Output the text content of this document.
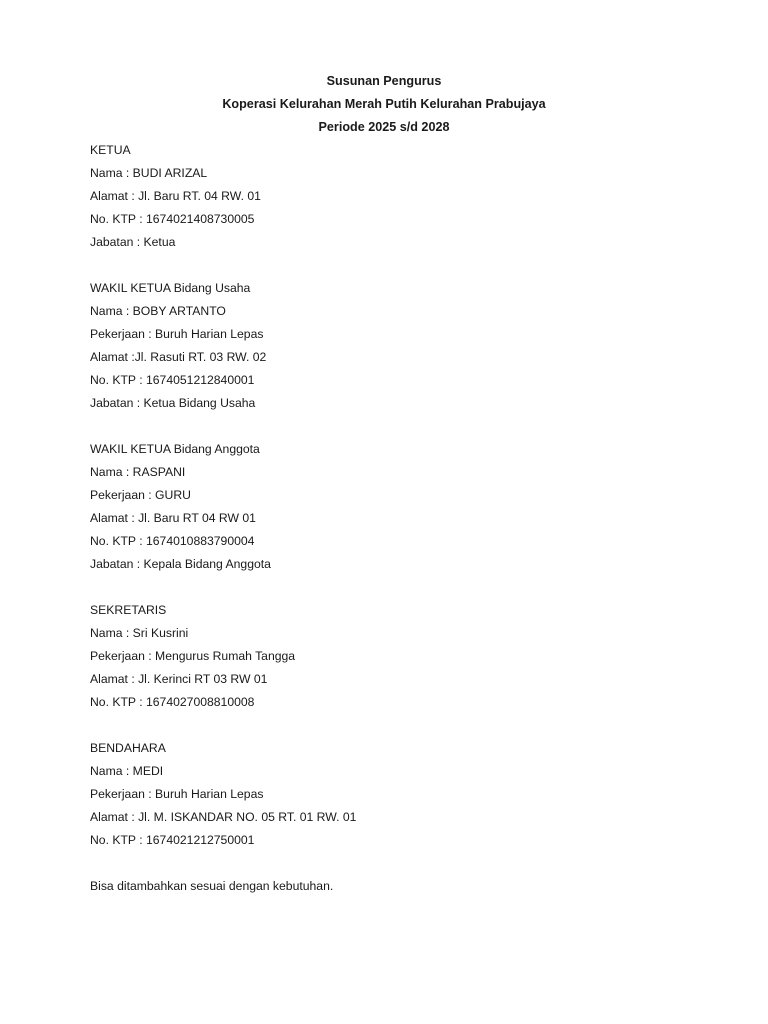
Susunan Pengurus
Koperasi Kelurahan Merah Putih Kelurahan Prabujaya
Periode 2025 s/d 2028
KETUA
Nama : BUDI ARIZAL
Alamat : Jl. Baru RT. 04 RW. 01
No. KTP : 1674021408730005
Jabatan : Ketua
WAKIL KETUA Bidang Usaha
Nama : BOBY ARTANTO
Pekerjaan : Buruh Harian Lepas
Alamat :Jl. Rasuti RT. 03 RW. 02
No. KTP : 1674051212840001
Jabatan : Ketua Bidang Usaha
WAKIL KETUA Bidang Anggota
Nama : RASPANI
Pekerjaan : GURU
Alamat : Jl. Baru RT 04 RW 01
No. KTP : 1674010883790004
Jabatan : Kepala Bidang Anggota
SEKRETARIS
Nama : Sri Kusrini
Pekerjaan : Mengurus Rumah Tangga
Alamat : Jl. Kerinci RT 03 RW 01
No. KTP : 1674027008810008
BENDAHARA
Nama : MEDI
Pekerjaan : Buruh Harian Lepas
Alamat : Jl. M. ISKANDAR NO. 05 RT. 01 RW. 01
No. KTP : 1674021212750001
Bisa ditambahkan sesuai dengan kebutuhan.
